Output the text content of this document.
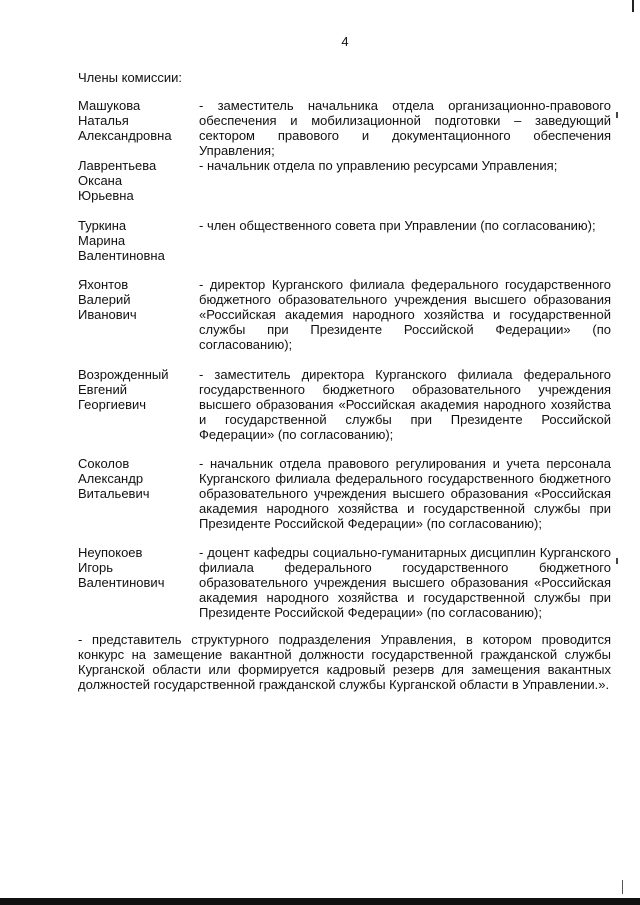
4
Члены комиссии:
Машукова
Наталья
Александровна
- заместитель начальника отдела организационно-правового обеспечения и мобилизационной подготовки – заведующий сектором правового и документационного обеспечения Управления;
Лаврентьева
Оксана
Юрьевна
- начальник отдела по управлению ресурсами Управления;
Туркина
Марина
Валентиновна
- член общественного совета при Управлении (по согласованию);
Яхонтов
Валерий
Иванович
- директор Курганского филиала федерального государственного бюджетного образовательного учреждения высшего образования «Российская академия народного хозяйства и государственной службы при Президенте Российской Федерации» (по согласованию);
Возрожденный
Евгений
Георгиевич
- заместитель директора Курганского филиала федерального государственного бюджетного образовательного учреждения высшего образования «Российская академия народного хозяйства и государственной службы при Президенте Российской Федерации» (по согласованию);
Соколов
Александр
Витальевич
- начальник отдела правового регулирования и учета персонала Курганского филиала федерального государственного бюджетного образовательного учреждения высшего образования «Российская академия народного хозяйства и государственной службы при Президенте Российской Федерации» (по согласованию);
Неупокоев
Игорь
Валентинович
- доцент кафедры социально-гуманитарных дисциплин Курганского филиала федерального государственного бюджетного образовательного учреждения высшего образования «Российская академия народного хозяйства и государственной службы при Президенте Российской Федерации» (по согласованию);
- представитель структурного подразделения Управления, в котором проводится конкурс на замещение вакантной должности государственной гражданской службы Курганской области или формируется кадровый резерв для замещения вакантных должностей государственной гражданской службы Курганской области в Управлении.».
